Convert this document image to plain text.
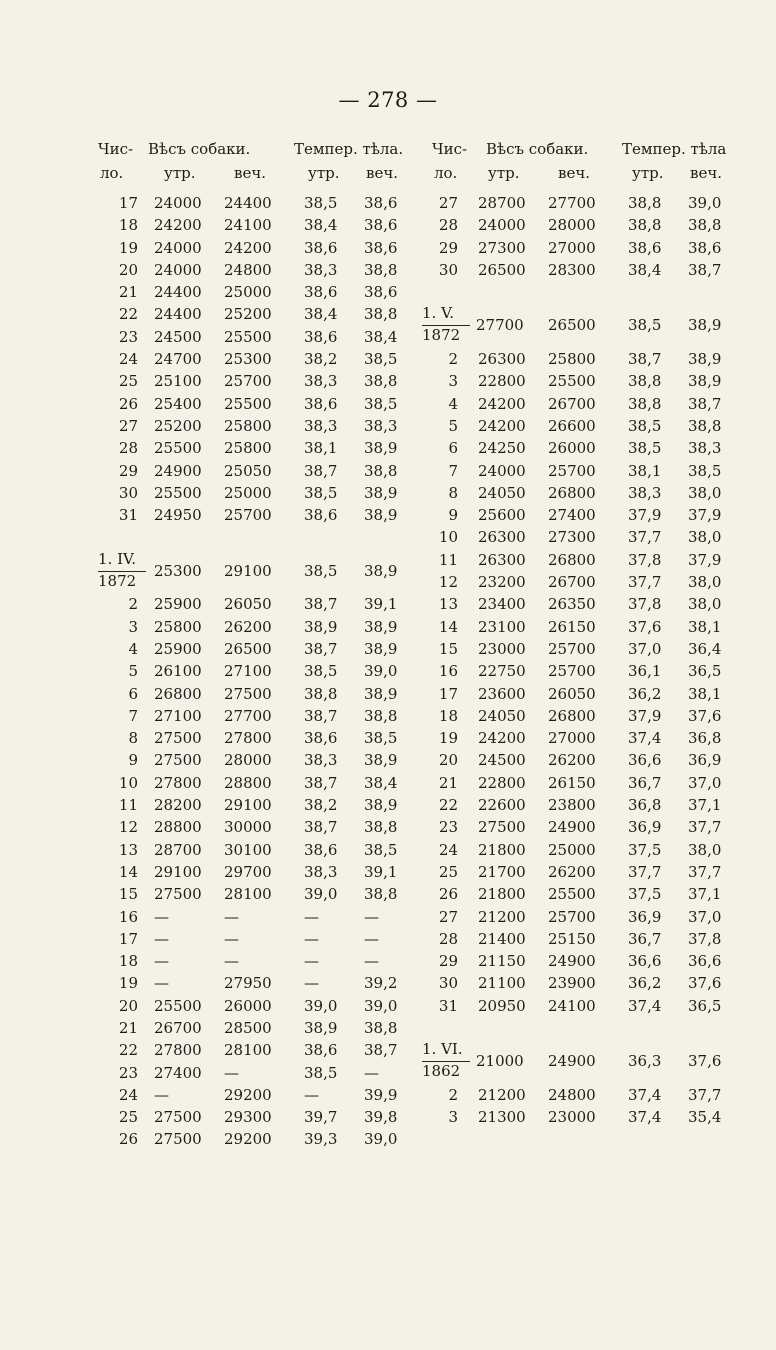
— 278 —
Чис- Вѣсъ собаки.	Темпер. тѣла.
ло.	утр.	веч.	утр. веч.
17 24000 24400 38,5 38,6
18 24200 24100 38,4 38,6
19 24000 24200 38,6 38,6
20 24000 24800 38,3 38,8
21 24400 25000 38,6 38,6
22 24400 25200 38,4 38,8
23 24500 25500 38,6 38,4
24 24700 25300 38,2 38,5
25 25100 25700 38,3 38,8
26 25400 25500 38,6 38,5
27 25200 25800 38,3 38,3
28 25500 25800 38,1 38,9
29 24900 25050 38,7 38,8
30 25500 25000 38,5 38,9
31 24950 25700 38,6 38,9
1. IV.
1872
25300 29100 38,5 38,9
2 25900 26050 38,7 39,1
3 25800 26200 38,9 38,9
4 25900 26500 38,7 38,9
5 26100 27100 38,5 39,0
6 26800 27500 38,8 38,9
7 27100 27700 38,7 38,8
8 27500 27800 38,6 38,5
9 27500 28000 38,3 38,9
10 27800 28800 38,7 38,4
11 28200 29100 38,2 38,9
12 28800 30000 38,7 38,8
13 28700 30100 38,6 38,5
14 29100 29700 38,3 39,1
15 27500 28100 39,0 38,8
16 —	—	—	—
17 —	—	—	—
18 —	—	—	—
19 —	27950 —	39,2
20 25500 26000 39,0 39,0
21 26700 28500 38,9 38,8
22 27800 28100 38,6 38,7
23 27400 —	38,5 —
24 —	29200 —	39,9
25 27500 29300 39,7 39,8
26 27500 29200 39,3 39,0
Чис- Вѣсъ собаки. Темпер. тѣла
ло. утр.	веч.	утр. веч.
27 28700 27700 38,8 39,0
28 24000 28000 38,8 38,8
29 27300 27000 38,6 38,6
30 26500 28300 38,4 38,7
1. V.
1872
27700 26500 38,5 38,9
2 26300 25800 38,7 38,9
3 22800 25500 38,8 38,9
4 24200 26700 38,8 38,7
5 24200 26600 38,5 38,8
6 24250 26000 38,5 38,3
7 24000 25700 38,1 38,5
8 24050 26800 38,3 38,0
9 25600 27400 37,9 37,9
10 26300 27300 37,7 38,0
11 26300 26800 37,8 37,9
12 23200 26700 37,7 38,0
13 23400 26350 37,8 38,0
14 23100 26150 37,6 38,1
15 23000 25700 37,0 36,4
16 22750 25700 36,1 36,5
17 23600 26050 36,2 38,1
18 24050 26800 37,9 37,6
19 24200 27000 37,4 36,8
20 24500 26200 36,6 36,9
21 22800 26150 36,7 37,0
22 22600 23800 36,8 37,1
23 27500 24900 36,9 37,7
24 21800 25000 37,5 38,0
25 21700 26200 37,7 37,7
26 21800 25500 37,5 37,1
27 21200 25700 36,9 37,0
28 21400 25150 36,7 37,8
29 21150 24900 36,6 36,6
30 21100 23900 36,2 37,6
31 20950 24100 37,4 36,5
1. VI.
1862
21000 24900 36,3 37,6
2 21200 24800 37,4 37,7
3 21300 23000 37,4 35,4
